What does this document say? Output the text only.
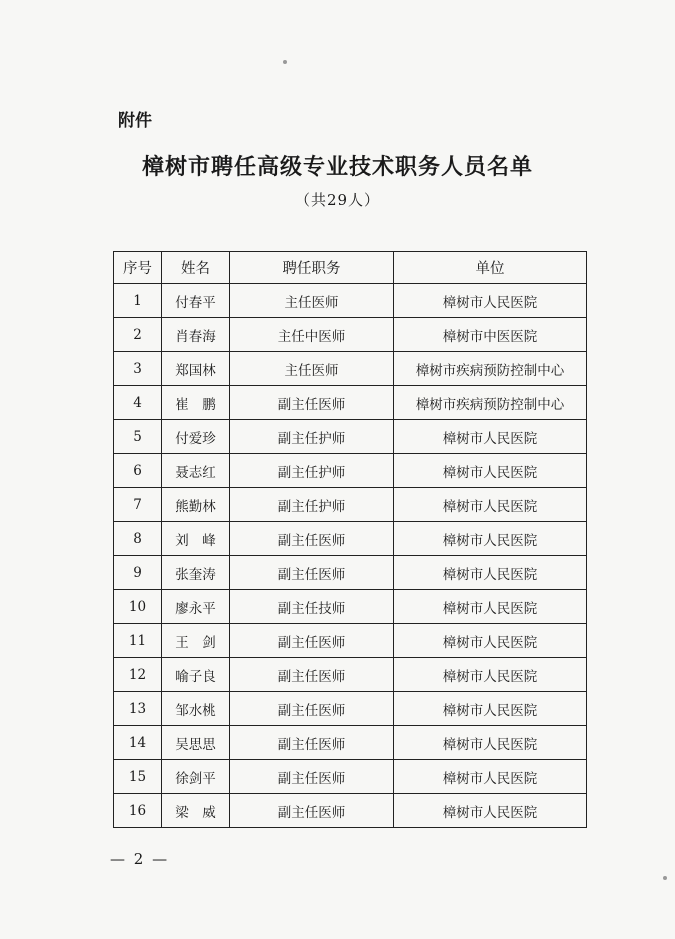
附件
樟树市聘任高级专业技术职务人员名单
（共29人）
序号	姓名	聘任职务	单位
1	付春平	主任医师	樟树市人民医院
2	肖春海	主任中医师	樟树市中医医院
3	郑国林	主任医师	樟树市疾病预防控制中心
4	崔　鹏	副主任医师	樟树市疾病预防控制中心
5	付爱珍	副主任护师	樟树市人民医院
6	聂志红	副主任护师	樟树市人民医院
7	熊勤林	副主任护师	樟树市人民医院
8	刘　峰	副主任医师	樟树市人民医院
9	张奎涛	副主任医师	樟树市人民医院
10	廖永平	副主任技师	樟树市人民医院
11	王　剑	副主任医师	樟树市人民医院
12	喻子良	副主任医师	樟树市人民医院
13	邹水桃	副主任医师	樟树市人民医院
14	吴思思	副主任医师	樟树市人民医院
15	徐剑平	副主任医师	樟树市人民医院
16	梁　威	副主任医师	樟树市人民医院
— 2 —
